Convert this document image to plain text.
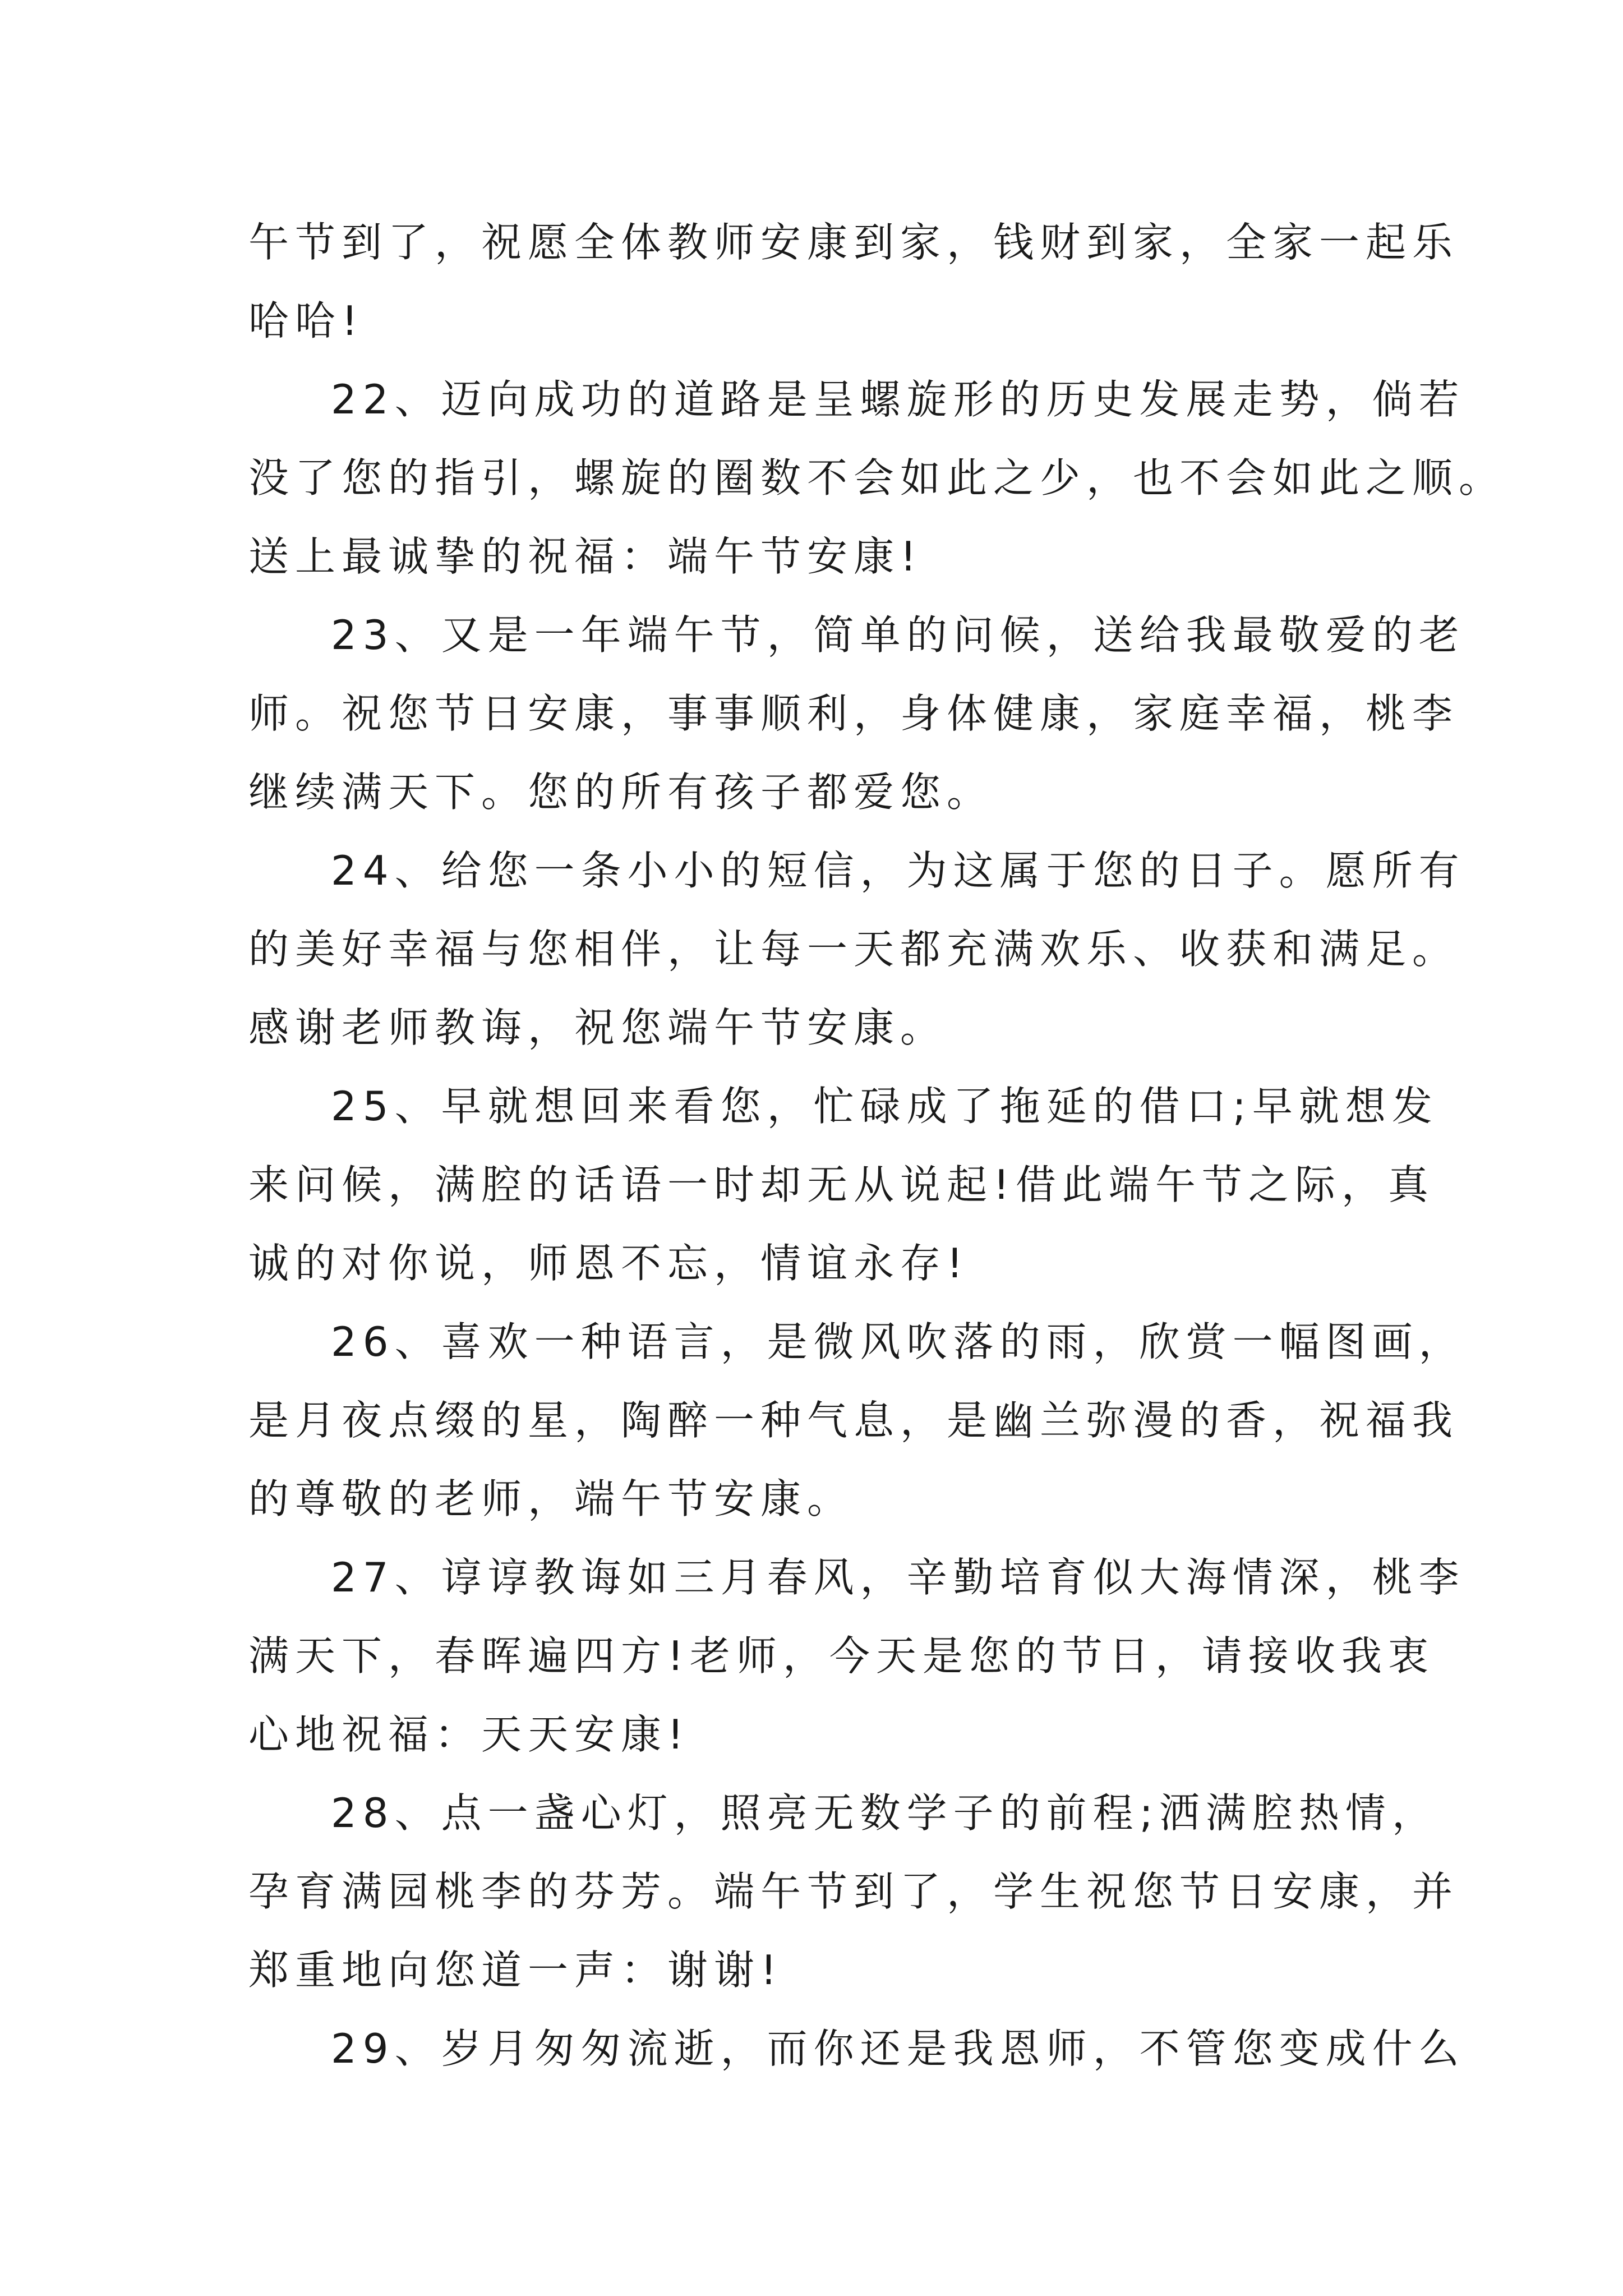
午节到了，祝愿全体教师安康到家，钱财到家，全家一起乐
哈哈!
22、迈向成功的道路是呈螺旋形的历史发展走势，倘若
没了您的指引，螺旋的圈数不会如此之少，也不会如此之顺。
送上最诚挚的祝福：端午节安康!
23、又是一年端午节，简单的问候，送给我最敬爱的老
师。祝您节日安康，事事顺利，身体健康，家庭幸福，桃李
继续满天下。您的所有孩子都爱您。
24、给您一条小小的短信，为这属于您的日子。愿所有
的美好幸福与您相伴，让每一天都充满欢乐、收获和满足。
感谢老师教诲，祝您端午节安康。
25、早就想回来看您，忙碌成了拖延的借口;早就想发
来问候，满腔的话语一时却无从说起!借此端午节之际，真
诚的对你说，师恩不忘，情谊永存!
26、喜欢一种语言，是微风吹落的雨，欣赏一幅图画，
是月夜点缀的星，陶醉一种气息，是幽兰弥漫的香，祝福我
的尊敬的老师，端午节安康。
27、谆谆教诲如三月春风，辛勤培育似大海情深，桃李
满天下，春晖遍四方!老师，今天是您的节日，请接收我衷
心地祝福：天天安康!
28、点一盏心灯，照亮无数学子的前程;洒满腔热情，
孕育满园桃李的芬芳。端午节到了，学生祝您节日安康，并
郑重地向您道一声：谢谢!
29、岁月匆匆流逝，而你还是我恩师，不管您变成什么
